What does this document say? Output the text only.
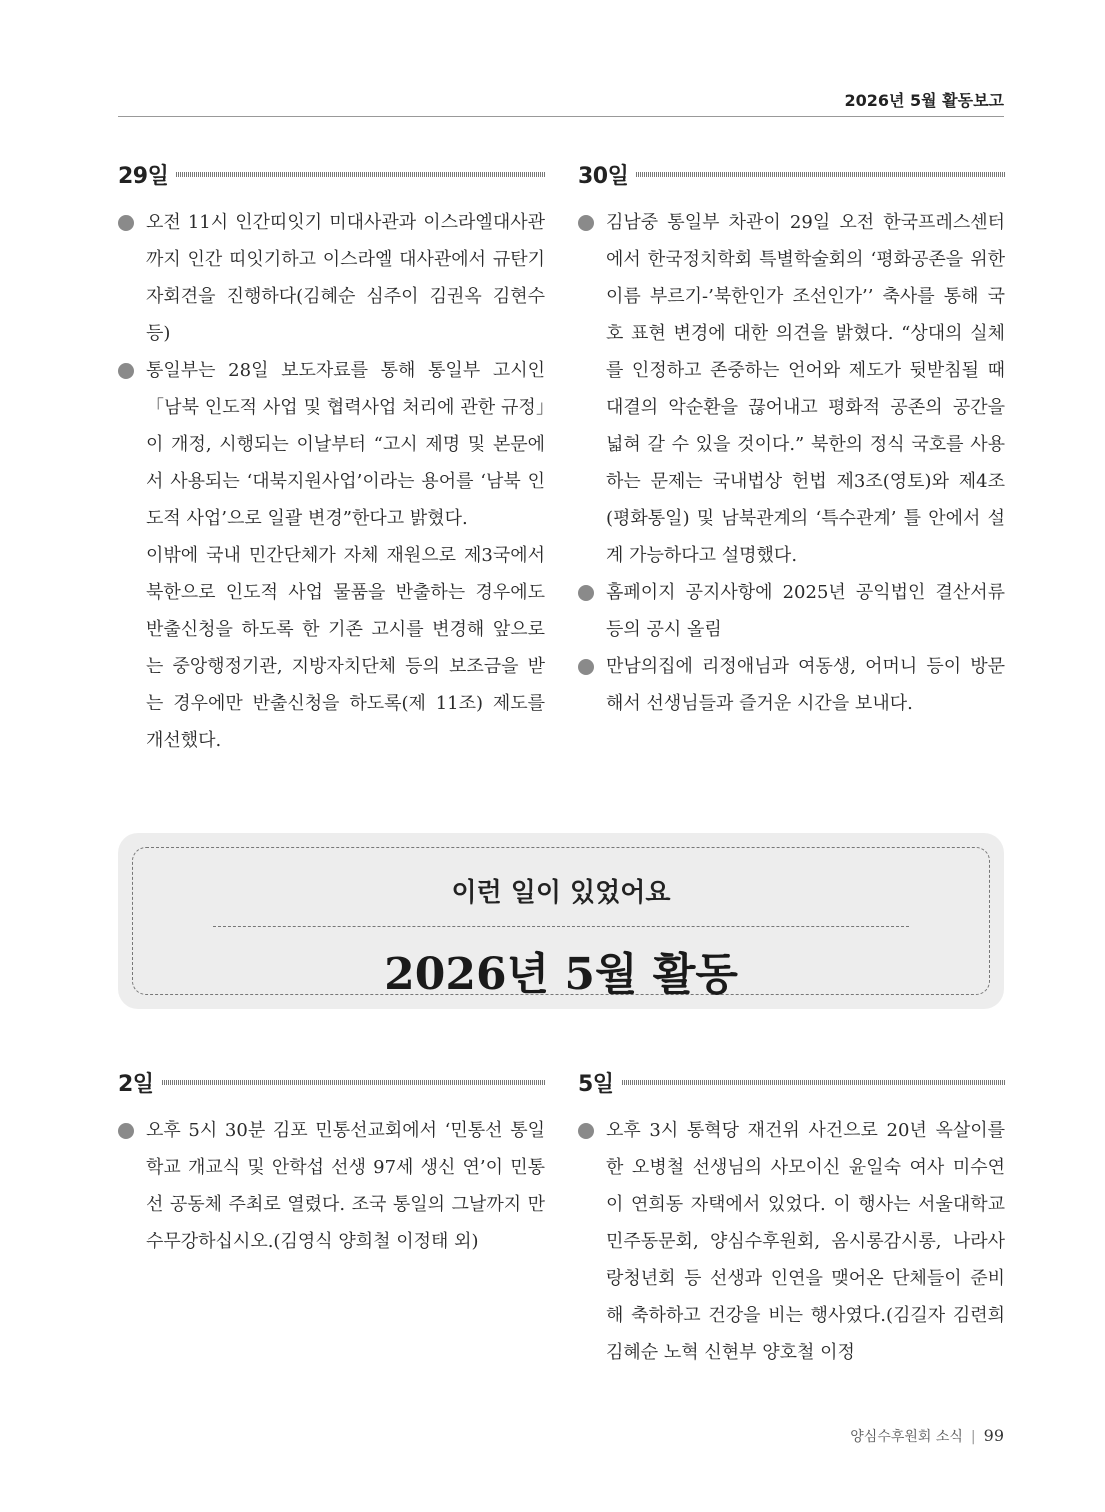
2026년 5월 활동보고
29일
오전 11시 인간띠잇기 미대사관과 이스라엘대사관까지 인간 띠잇기하고 이스라엘 대사관에서 규탄기자회견을 진행하다(김혜순 심주이 김권옥 김현수 등)
통일부는 28일 보도자료를 통해 통일부 고시인「남북 인도적 사업 및 협력사업 처리에 관한 규정」이 개정, 시행되는 이날부터 “고시 제명 및 본문에서 사용되는 ‘대북지원사업’이라는 용어를 ‘남북 인도적 사업’으로 일괄 변경”한다고 밝혔다.

이밖에 국내 민간단체가 자체 재원으로 제3국에서 북한으로 인도적 사업 물품을 반출하는 경우에도 반출신청을 하도록 한 기존 고시를 변경해 앞으로는 중앙행정기관, 지방자치단체 등의 보조금을 받는 경우에만 반출신청을 하도록(제 11조) 제도를 개선했다.

30일
김남중 통일부 차관이 29일 오전 한국프레스센터에서 한국정치학회 특별학술회의 ‘평화공존을 위한 이름 부르기-’북한인가 조선인가’’ 축사를 통해 국호 표현 변경에 대한 의견을 밝혔다. “상대의 실체를 인정하고 존중하는 언어와 제도가 뒷받침될 때 대결의 악순환을 끊어내고 평화적 공존의 공간을 넓혀 갈 수 있을 것이다.” 북한의 정식 국호를 사용하는 문제는 국내법상 헌법 제3조(영토)와 제4조(평화통일) 및 남북관계의 ‘특수관계’ 틀 안에서 설계 가능하다고 설명했다.
홈페이지 공지사항에 2025년 공익법인 결산서류 등의 공시 올림
만남의집에 리정애님과 여동생, 어머니 등이 방문해서 선생님들과 즐거운 시간을 보내다.
이런 일이 있었어요
2026년 5월 활동
2일
오후 5시 30분 김포 민통선교회에서 ‘민통선 통일학교 개교식 및 안학섭 선생 97세 생신 연’이 민통선 공동체 주최로 열렸다. 조국 통일의 그날까지 만수무강하십시오.(김영식 양희철 이정태 외)
5일
오후 3시 통혁당 재건위 사건으로 20년 옥살이를 한 오병철 선생님의 사모이신 윤일숙 여사 미수연이 연희동 자택에서 있었다. 이 행사는 서울대학교 민주동문회, 양심수후원회, 옴시롱감시롱, 나라사랑청년회 등 선생과 인연을 맺어온 단체들이 준비해 축하하고 건강을 비는 행사였다.(김길자 김련희 김혜순 노혁 신현부 양호철 이정
양심수후원회 소식 | 99
